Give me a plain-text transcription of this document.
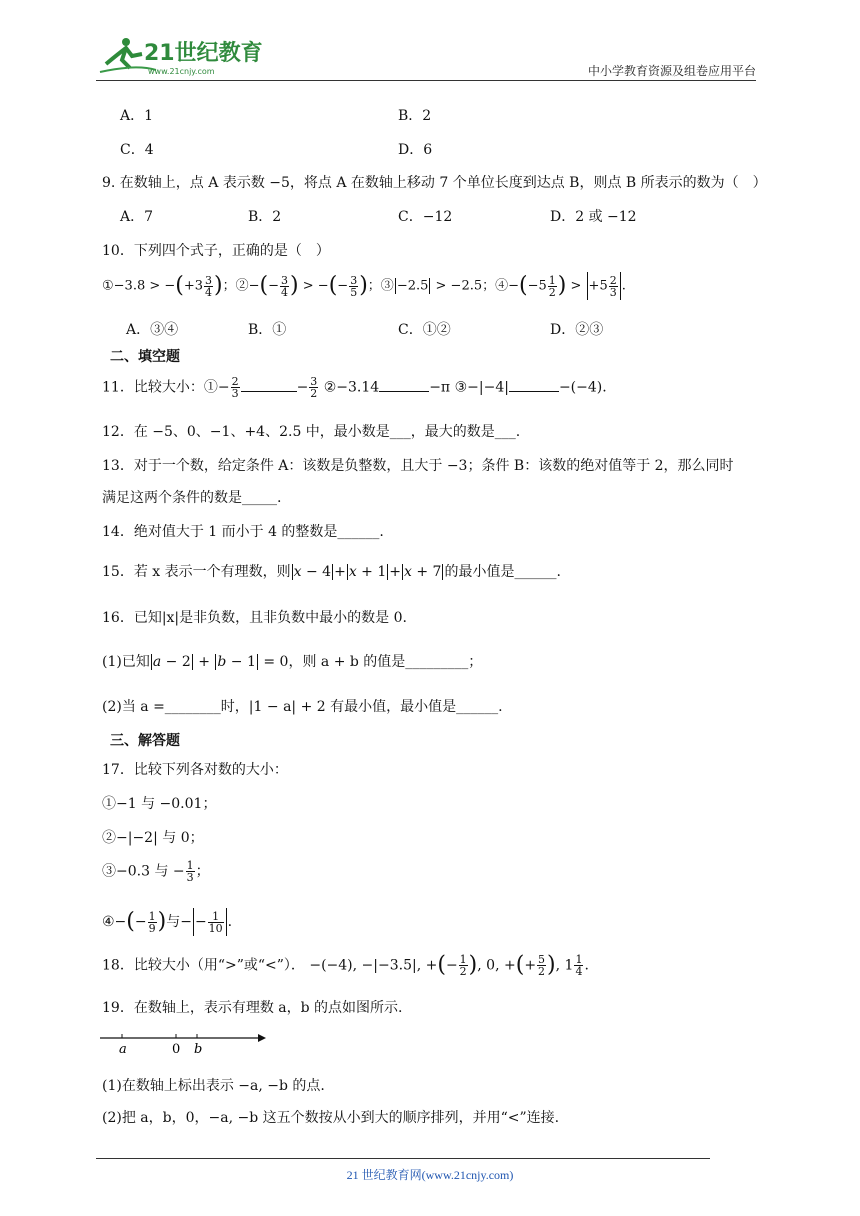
21世纪教育
www.21cnjy.com	中小学教育资源及组卷应用平台
A．1	B．2
C．4	D．6
9. 在数轴上，点 A 表示数 −5，将点 A 在数轴上移动 7 个单位长度到达点 B，则点 B 所表示的数为（　）
A．7	B．2	C．−12	D．2 或 −12
10．下列四个式子，正确的是（　）
①−3.8 > $-(+3 \frac{3}{4}$ )；②−(− $\frac{3}{4}$ ) > −(− $\frac{3}{5}$ )；③ −2.5 > −2.5；④−(−5 $\frac{1}{2}$ ) > $+5 \frac{2}{3}$ .
A．③④	B．①	C．①②	D．②③
二、填空题
11．比较大小：①− $\frac{2}{3}$	− $\frac{3}{2}$ ②−3.14	−π ③−|−4|	−(−4).
12．在 −5、0、−1、+4、2.5 中，最小数是___，最大的数是___.
13．对于一个数，给定条件 A：该数是负整数，且大于 −3；条件 B：该数的绝对值等于 2，那么同时
满足这两个条件的数是_____.
14．绝对值大于 1 而小于 4 的整数是______.
15．若 x 表示一个有理数，则 x − 4 + x + 1 + x + 7 的最小值是______.
16．已知|x|是非负数，且非负数中最小的数是 0.
(1)已知 a − 2 + b − 1 = 0，则 a + b 的值是_________；
(2)当 a =________时，|1 − a| + 2 有最小值，最小值是______.
三、解答题
17．比较下列各对数的大小：
①−1 与 −0.01；
②−|−2| 与 0；
③−0.3 与 − $\frac{1}{3}$ ；
④−(− $\frac{1}{9}$ )与− − $\frac{1}{10}$ .
18．比较大小（用“>”或“<”）． −(−4), −|−3.5|, +(− $\frac{1}{2}$ ), 0, +(+ $\frac{5}{2}$ ), $1 \frac{1}{4}$ .
19．在数轴上，表示有理数 a，b 的点如图所示.
a	0 b
(1)在数轴上标出表示 −a, −b 的点.
(2)把 a，b，0，−a, −b 这五个数按从小到大的顺序排列，并用“<”连接.
21 世纪教育网(www.21cnjy.com)
